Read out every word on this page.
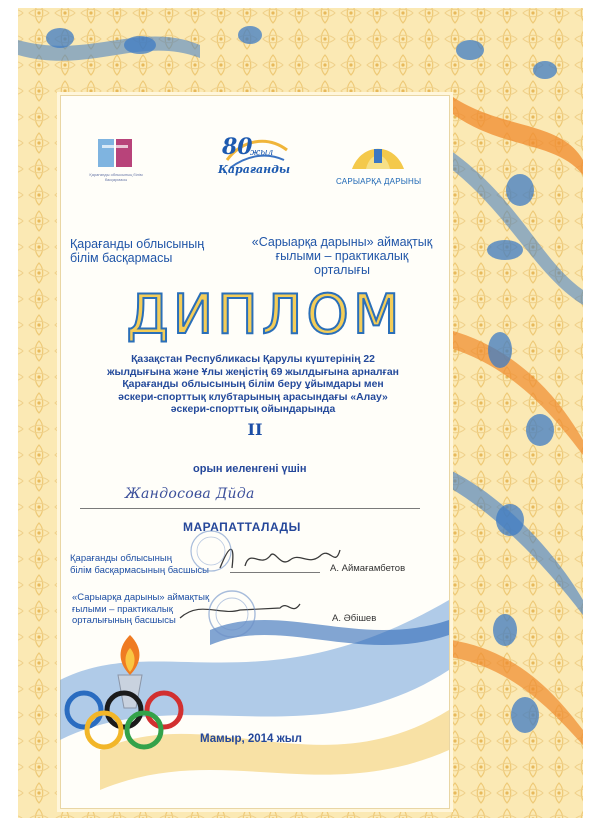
Қарағанды облысының білім басқармасы
80
жыл
Қарағанды
САРЫАРҚА ДАРЫНЫ
Қарағанды облысының
білім басқармасы
«Сарыарқа дарыны» аймақтық
ғылыми – практикалық
орталығы
ДИПЛОМ
Қазақстан Республикасы Қарулы күштерінің 22
жылдығына және Ұлы жеңістің 69 жылдығына арналған
Қарағанды облысының білім беру ұйымдары мен
әскери-спорттық клубтарының арасындағы «Алау»
әскери-спорттық ойындарында
II
орын иеленгені үшін
Жандосова Дйда
МАРАПАТТАЛАДЫ
Қарағанды облысының
білім басқармасының басшысы	А. Аймағамбетов
«Сарыарқа дарыны» аймақтық
ғылыми – практикалық
орталығының басшысы	А. Әбішев
Мамыр, 2014 жыл
